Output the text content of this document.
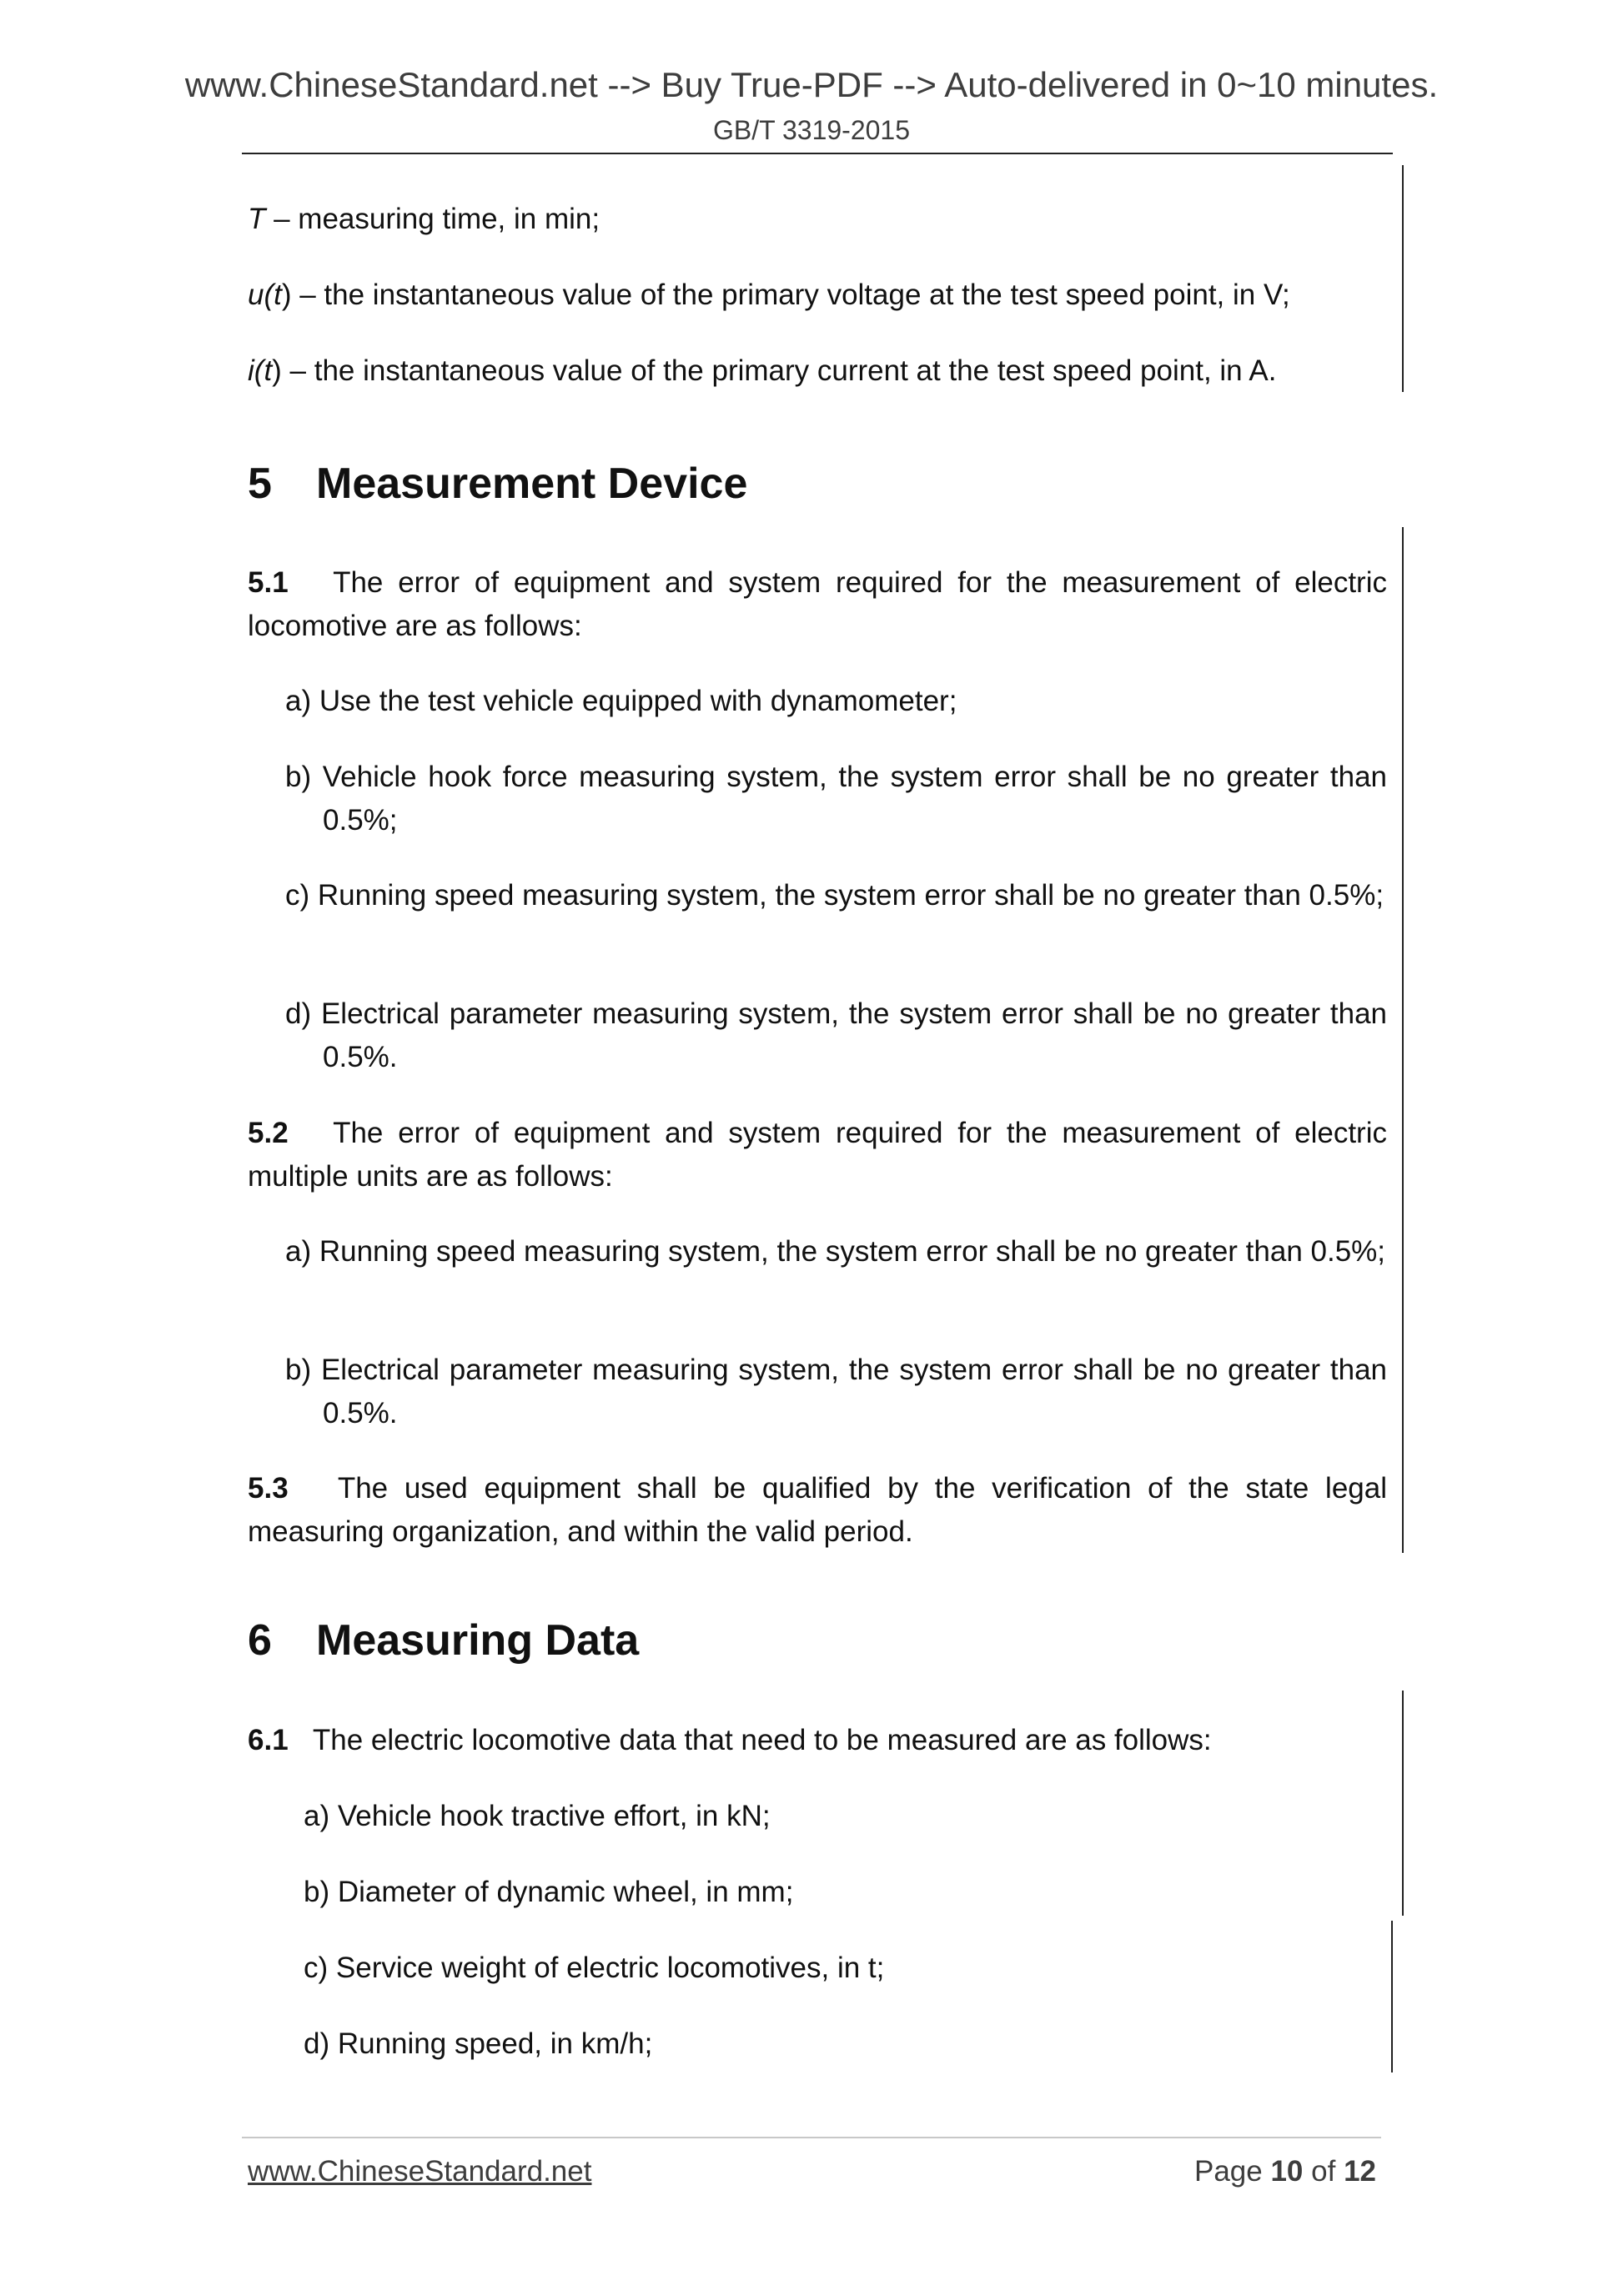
www.ChineseStandard.net --> Buy True-PDF --> Auto-delivered in 0~10 minutes.
GB/T 3319-2015
T – measuring time, in min;
u(t) – the instantaneous value of the primary voltage at the test speed point, in V;
i(t) – the instantaneous value of the primary current at the test speed point, in A.
5 Measurement Device
5.1 The error of equipment and system required for the measurement of electric locomotive are as follows:
a) Use the test vehicle equipped with dynamometer;
b) Vehicle hook force measuring system, the system error shall be no greater than 0.5%;
c) Running speed measuring system, the system error shall be no greater than 0.5%;
d) Electrical parameter measuring system, the system error shall be no greater than 0.5%.
5.2 The error of equipment and system required for the measurement of electric multiple units are as follows:
a) Running speed measuring system, the system error shall be no greater than 0.5%;
b) Electrical parameter measuring system, the system error shall be no greater than 0.5%.
5.3 The used equipment shall be qualified by the verification of the state legal measuring organization, and within the valid period.
6 Measuring Data
6.1 The electric locomotive data that need to be measured are as follows:
a) Vehicle hook tractive effort, in kN;
b) Diameter of dynamic wheel, in mm;
c) Service weight of electric locomotives, in t;
d) Running speed, in km/h;
www.ChineseStandard.net	Page 10 of 12
